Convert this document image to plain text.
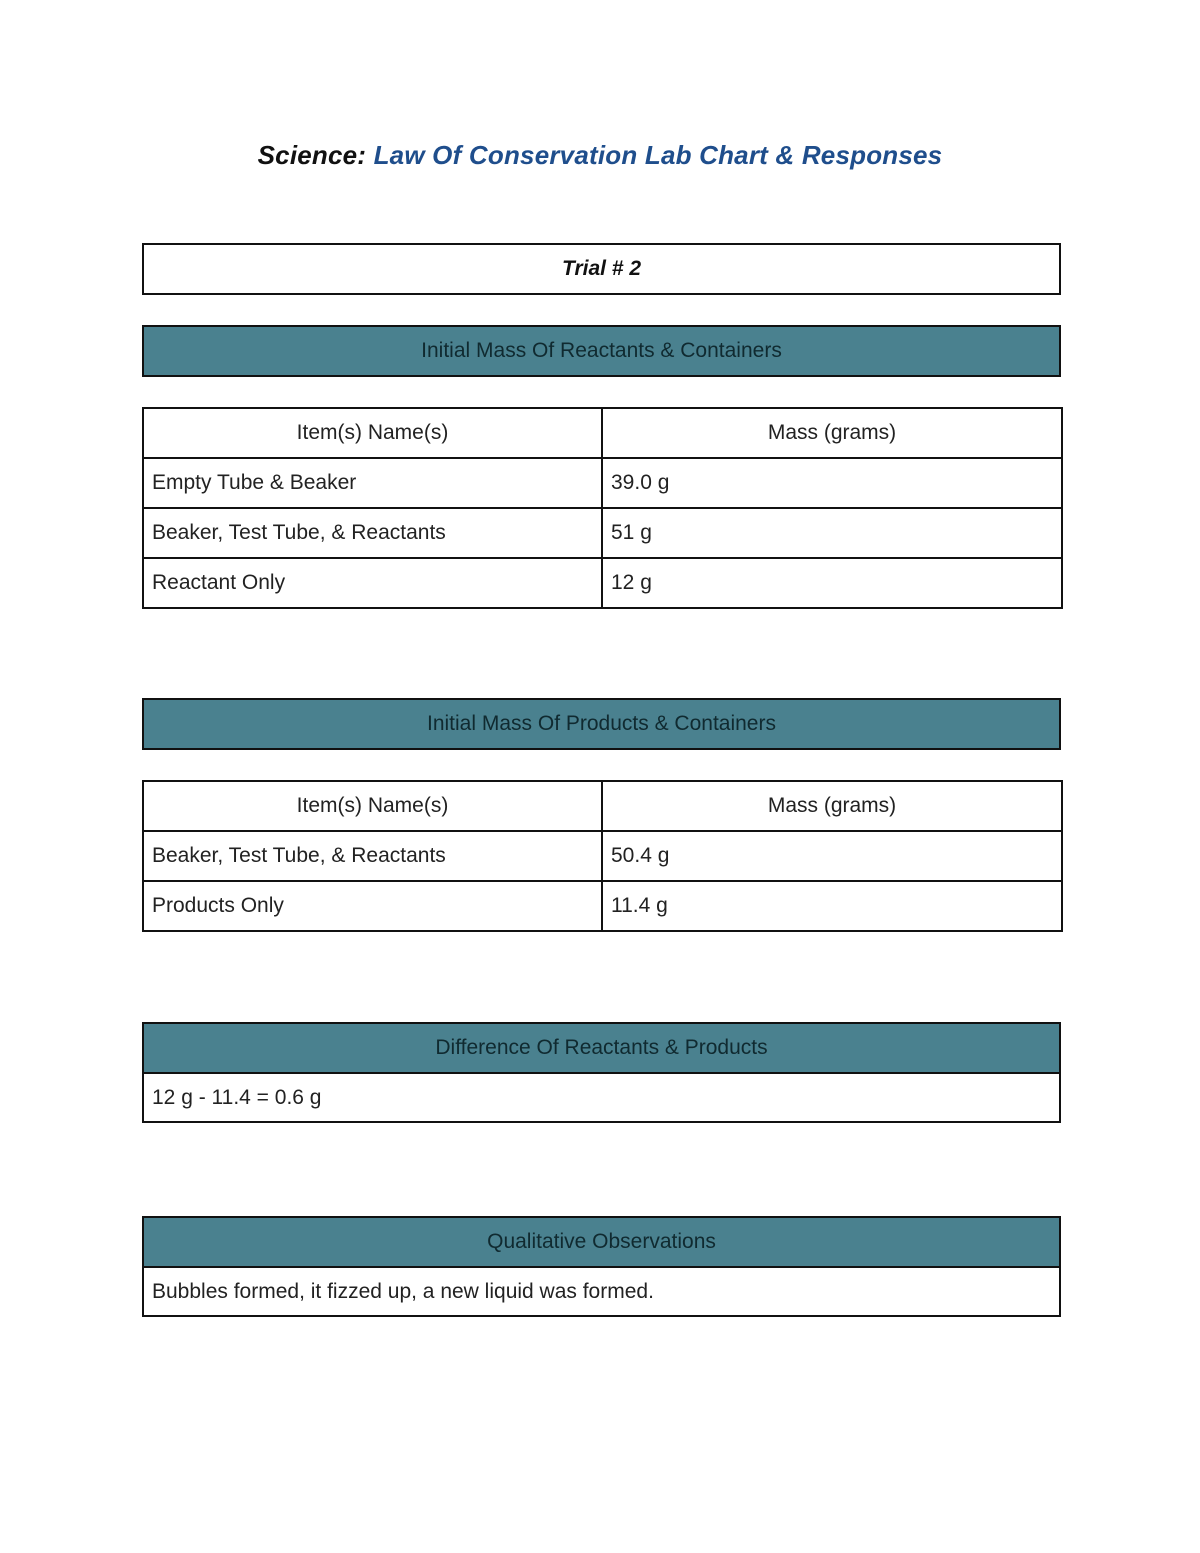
Science: Law Of Conservation Lab Chart & Responses
Trial # 2
Initial Mass Of Reactants & Containers
Item(s) Name(s)	Mass (grams)
Empty Tube & Beaker	39.0 g
Beaker, Test Tube, & Reactants	51 g
Reactant Only	12 g
Initial Mass Of Products & Containers
Item(s) Name(s)	Mass (grams)
Beaker, Test Tube, & Reactants	50.4 g
Products Only	11.4 g
Difference Of Reactants & Products
12 g - 11.4 = 0.6 g
Qualitative Observations
Bubbles formed, it fizzed up, a new liquid was formed.
